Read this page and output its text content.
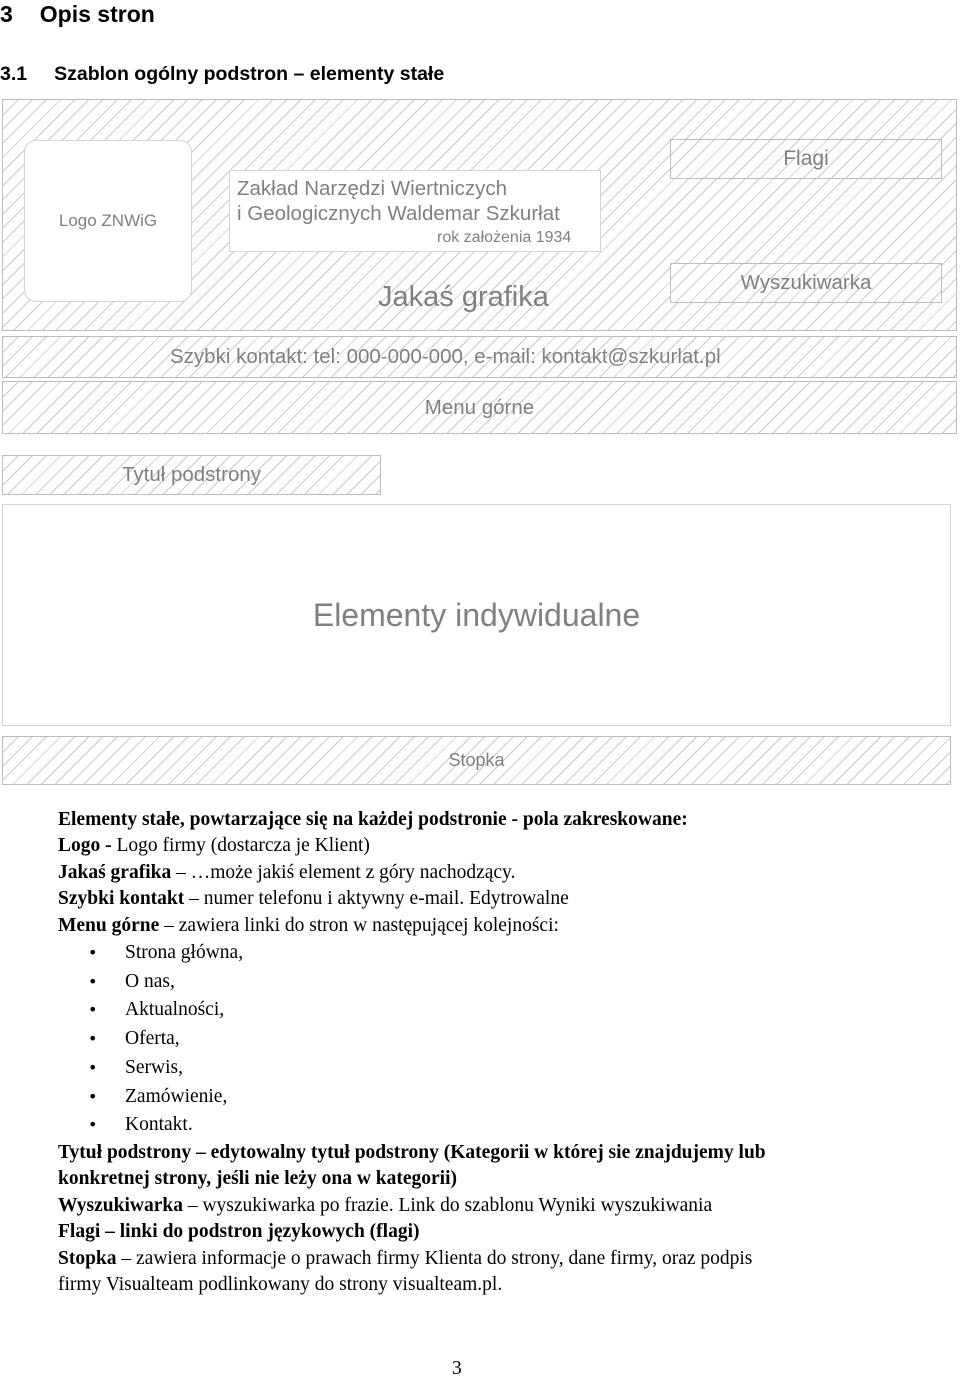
3 Opis stron
3.1 Szablon ogólny podstron – elementy stałe
Logo ZNWiG
Zakład Narzędzi Wiertniczych
i Geologicznych Waldemar Szkurłat
rok założenia 1934
Flagi
Wyszukiwarka
Jakaś grafika
Szybki kontakt: tel: 000-000-000, e-mail: kontakt@szkurlat.pl
Menu górne
Tytuł podstrony
Elementy indywidualne
Stopka

Elementy stałe, powtarzające się na każdej podstronie - pola zakreskowane:

Logo - Logo firmy (dostarcza je Klient)

Jakaś grafika – …może jakiś element z góry nachodzący.

Szybki kontakt – numer telefonu i aktywny e-mail. Edytrowalne

Menu górne – zawiera linki do stron w następującej kolejności:

• Strona główna,
• O nas,
• Aktualności,
• Oferta,
• Serwis,
• Zamówienie,
• Kontakt.

Tytuł podstrony – edytowalny tytuł podstrony (Kategorii w której sie znajdujemy lub

konkretnej strony, jeśli nie leży ona w kategorii)

Wyszukiwarka – wyszukiwarka po frazie. Link do szablonu Wyniki wyszukiwania

Flagi – linki do podstron językowych (flagi)

Stopka – zawiera informacje o prawach firmy Klienta do strony, dane firmy, oraz podpis

firmy Visualteam podlinkowany do strony visualteam.pl.

3
